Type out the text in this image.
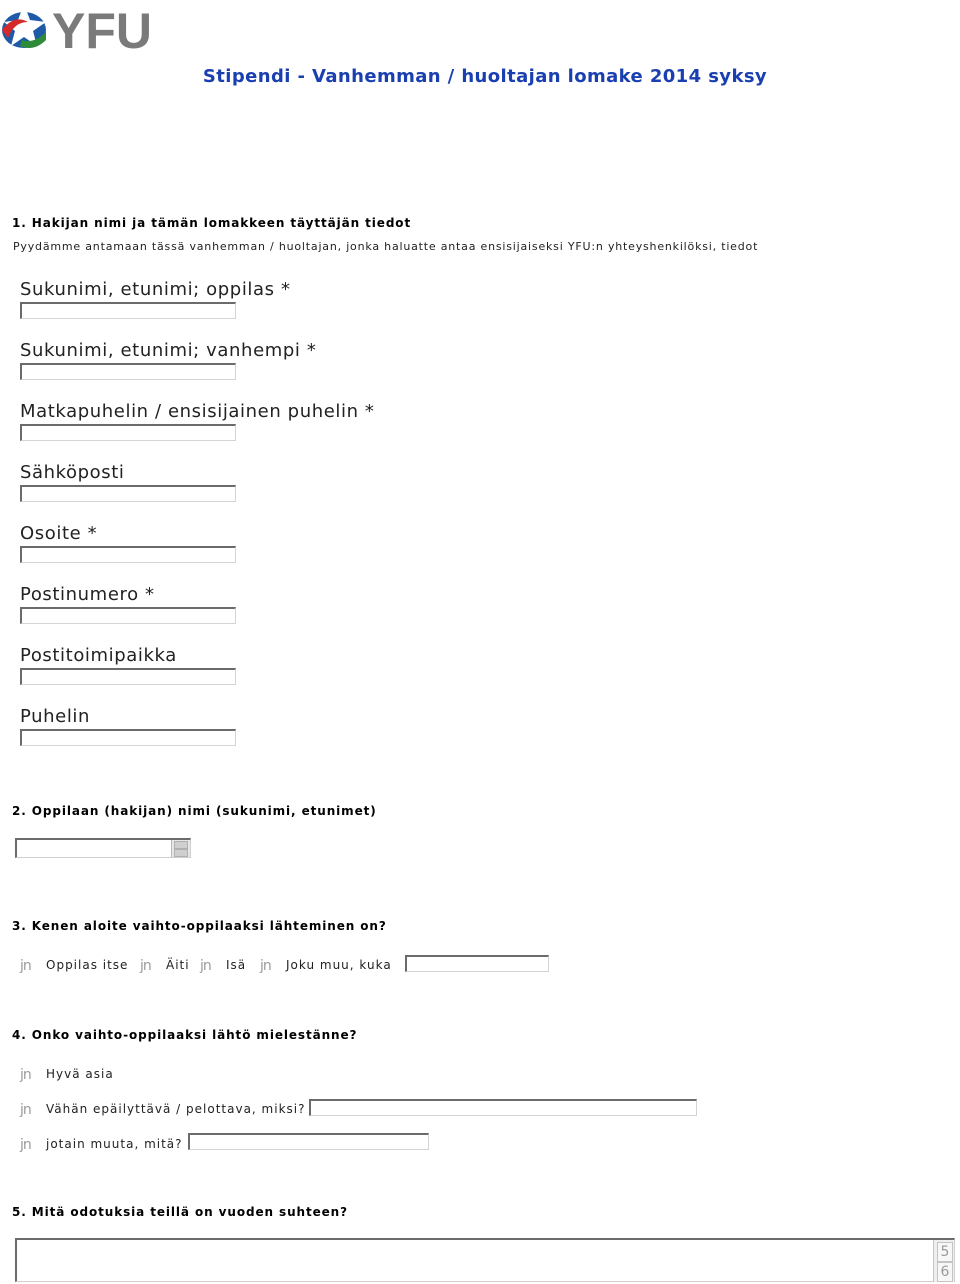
YFU
Stipendi - Vanhemman / huoltajan lomake 2014 syksy
1. Hakijan nimi ja tämän lomakkeen täyttäjän tiedot
Pyydämme antamaan tässä vanhemman / huoltajan, jonka haluatte antaa ensisijaiseksi YFU:n yhteyshenkilöksi, tiedot
Sukunimi, etunimi; oppilas *
Sukunimi, etunimi; vanhempi *
Matkapuhelin / ensisijainen puhelin *
Sähköposti
Osoite *
Postinumero *
Postitoimipaikka
Puhelin
2. Oppilaan (hakijan) nimi (sukunimi, etunimet)
3. Kenen aloite vaihto-oppilaaksi lähteminen on?
jn Oppilas itse jn Äiti jn Isä jn Joku muu, kuka
4. Onko vaihto-oppilaaksi lähtö mielestänne?
jn Hyvä asia
jn Vähän epäilyttävä / pelottava, miksi?
jn jotain muuta, mitä?
5. Mitä odotuksia teillä on vuoden suhteen?
5
6
